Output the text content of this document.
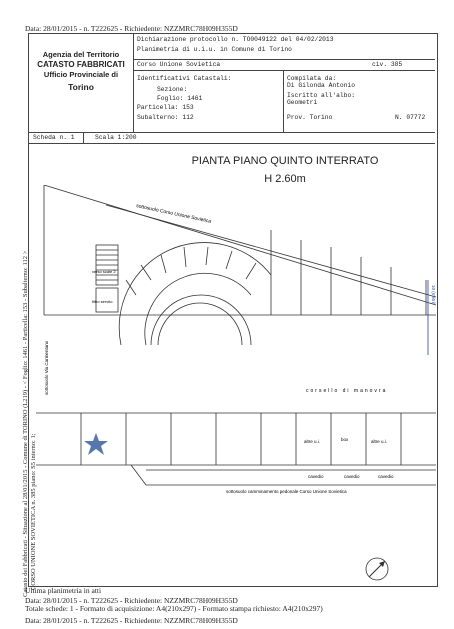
Data: 28/01/2015 - n. T222625 - Richiedente: NZZMRC78H09H355D
Agenzia del Territorio
CATASTO FABBRICATI
Ufficio Provinciale di
Torino
Dichiarazione protocollo n. TO0049122 del 04/02/2013
Planimetria di u.i.u. in Comune di Torino
Corso Unione Sovietica	civ. 385
Identificativi Catastali:
Sezione:
Foglio: 1461
Particella: 153
Subalterno: 112
Compilata da:
Di Gilonda Antonio
Iscritto all'albo:
Geometri
Prov. Torino	N. 07772
Scheda n. 1	Scala 1:200
Catasto dei Fabbricati - Situazione al 28/01/2015 - Comune di TORINO (L219) - < Foglio: 1461 - Particella: 153 - Subalterno: 112 > CORSO UNIONE SOVIETICA n. 385 piano: S5 interno: 1;
PIANTA PIANO QUINTO INTERRATO
H 2.60m
sottosuolo Corso Unione Sovietica
corsello di manovra
verso scale 2
filtro servito
altre u.i.	box	altre u.i.
cavedio	cavedio	cavedio
sottosuolo camminamento pedonale Corso Unione Sovietica
10 (metri)
sottosuolo Via Carmentano
Ultima planimetria in atti
Data: 28/01/2015 - n. T222625 - Richiedente: NZZMRC78H09H355D
Totale schede: 1 - Formato di acquisizione: A4(210x297) - Formato stampa richiesto: A4(210x297)
Data: 28/01/2015 - n. T222625 - Richiedente: NZZMRC78H09H355D
